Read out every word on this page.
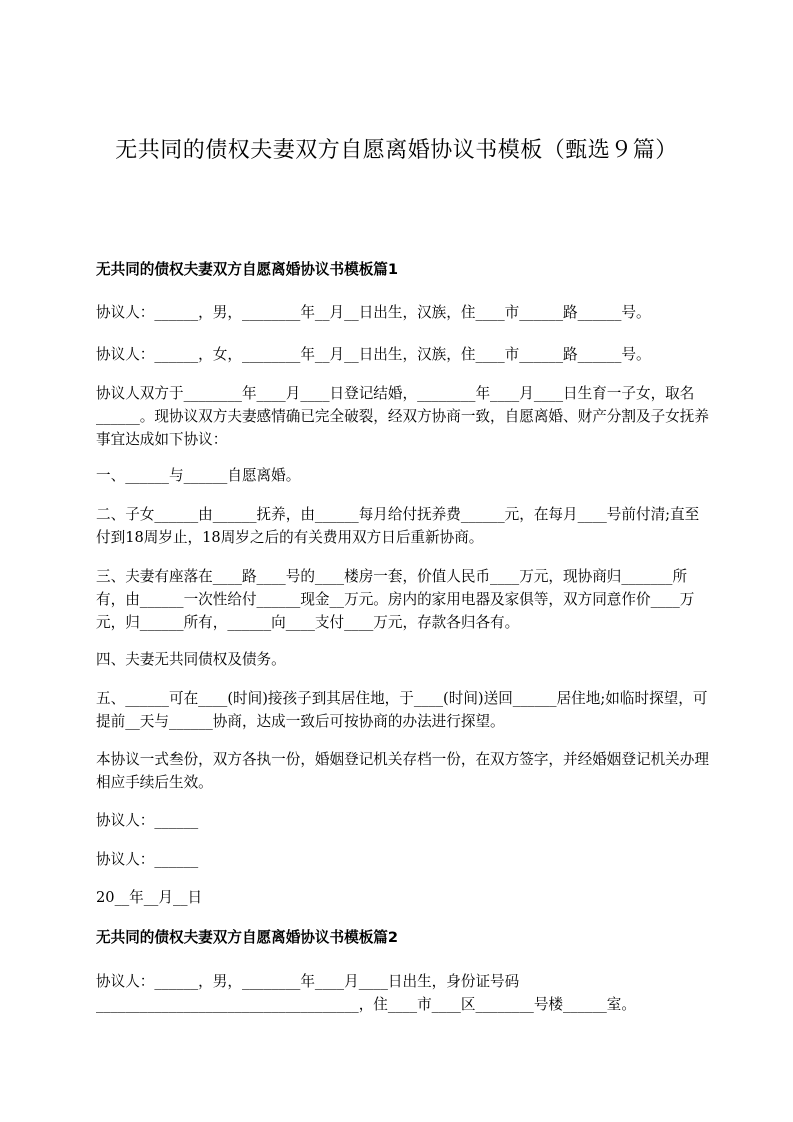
无共同的债权夫妻双方自愿离婚协议书模板（甄选９篇）
无共同的债权夫妻双方自愿离婚协议书模板篇1

协议人：______，男，________年__月__日出生，汉族，住____市______路______号。

协议人：______，女，________年__月__日出生，汉族，住____市______路______号。

协议人双方于________年____月____日登记结婚，________年____月____日生育一子女，取名______。现协议双方夫妻感情确已完全破裂，经双方协商一致，自愿离婚、财产分割及子女抚养事宜达成如下协议：

一、______与______自愿离婚。

二、子女______由______抚养，由______每月给付抚养费______元，在每月____号前付清;直至付到18周岁止，18周岁之后的有关费用双方日后重新协商。

三、夫妻有座落在____路____号的____楼房一套，价值人民币____万元，现协商归_______所有，由______一次性给付______现金__万元。房内的家用电器及家俱等，双方同意作价____万元，归______所有，______向____支付____万元，存款各归各有。

四、夫妻无共同债权及债务。

五、______可在____(时间)接孩子到其居住地，于____(时间)送回______居住地;如临时探望，可提前__天与______协商，达成一致后可按协商的办法进行探望。

本协议一式叁份，双方各执一份，婚姻登记机关存档一份，在双方签字，并经婚姻登记机关办理相应手续后生效。

协议人：______

协议人：______

20__年__月__日

无共同的债权夫妻双方自愿离婚协议书模板篇2

协议人：______，男，________年____月____日出生，身份证号码____________________________________，住____市____区________号楼______室。
